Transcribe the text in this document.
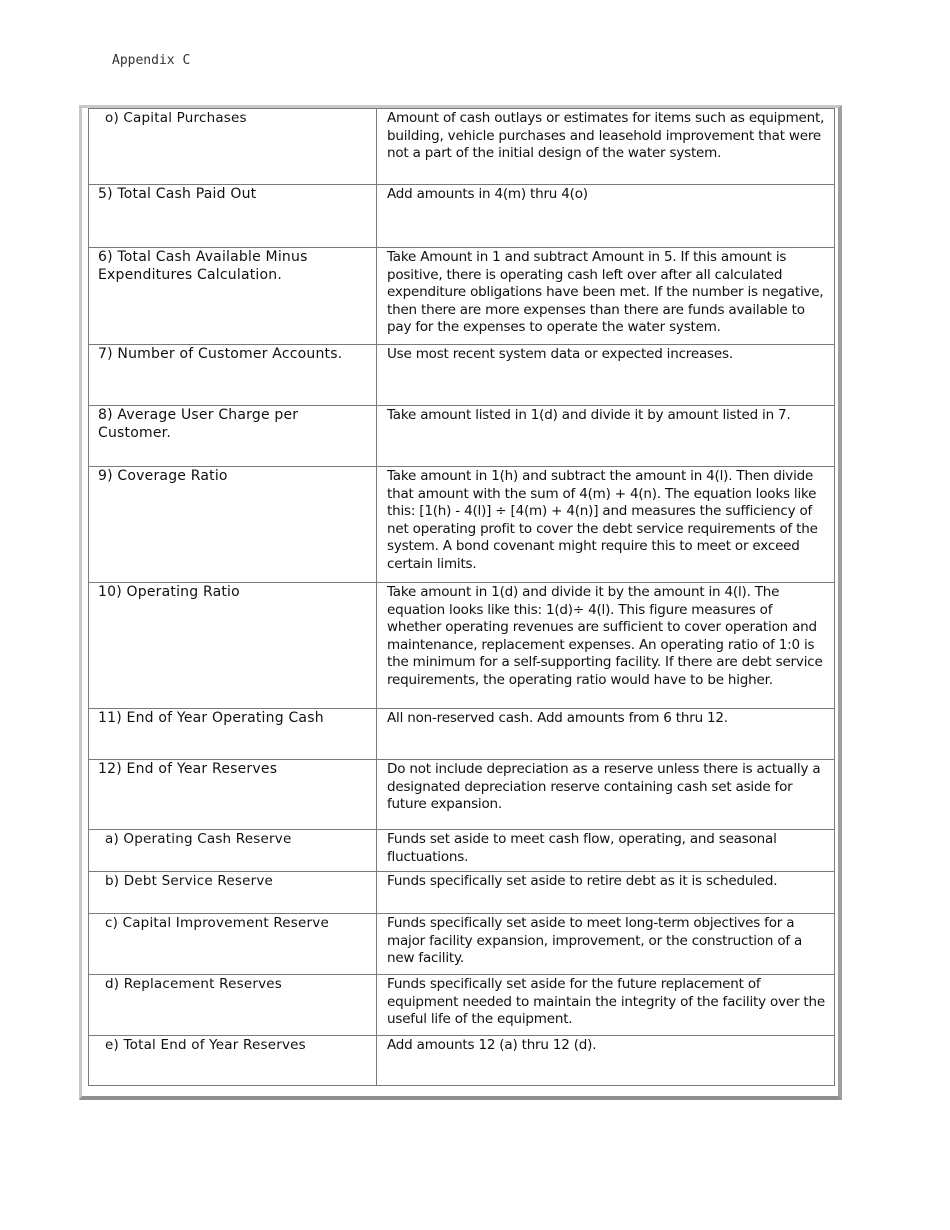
Appendix C
o) Capital Purchases	Amount of cash outlays or estimates for items such as equipment, building, vehicle purchases and leasehold improvement that were not a part of the initial design of the water system.
5) Total Cash Paid Out	Add amounts in 4(m) thru 4(o)
6) Total Cash Available Minus Expenditures Calculation.	Take Amount in 1 and subtract Amount in 5. If this amount is positive, there is operating cash left over after all calculated expenditure obligations have been met. If the number is negative, then there are more expenses than there are funds available to pay for the expenses to operate the water system.
7) Number of Customer Accounts.	Use most recent system data or expected increases.
8) Average User Charge per Customer.	Take amount listed in 1(d) and divide it by amount listed in 7.
9) Coverage Ratio	Take amount in 1(h) and subtract the amount in 4(l). Then divide that amount with the sum of 4(m) + 4(n). The equation looks like this: [1(h) - 4(l)] ÷ [4(m) + 4(n)] and measures the sufficiency of net operating profit to cover the debt service requirements of the system. A bond covenant might require this to meet or exceed certain limits.
10) Operating Ratio	Take amount in 1(d) and divide it by the amount in 4(l). The equation looks like this: 1(d)÷ 4(l). This figure measures of whether operating revenues are sufficient to cover operation and maintenance, replacement expenses. An operating ratio of 1:0 is the minimum for a self-supporting facility. If there are debt service requirements, the operating ratio would have to be higher.
11) End of Year Operating Cash	All non-reserved cash. Add amounts from 6 thru 12.
12) End of Year Reserves	Do not include depreciation as a reserve unless there is actually a designated depreciation reserve containing cash set aside for future expansion.
a) Operating Cash Reserve	Funds set aside to meet cash flow, operating, and seasonal fluctuations.
b) Debt Service Reserve	Funds specifically set aside to retire debt as it is scheduled.
c) Capital Improvement Reserve	Funds specifically set aside to meet long-term objectives for a major facility expansion, improvement, or the construction of a new facility.
d) Replacement Reserves	Funds specifically set aside for the future replacement of equipment needed to maintain the integrity of the facility over the useful life of the equipment.
e) Total End of Year Reserves	Add amounts 12 (a) thru 12 (d).
